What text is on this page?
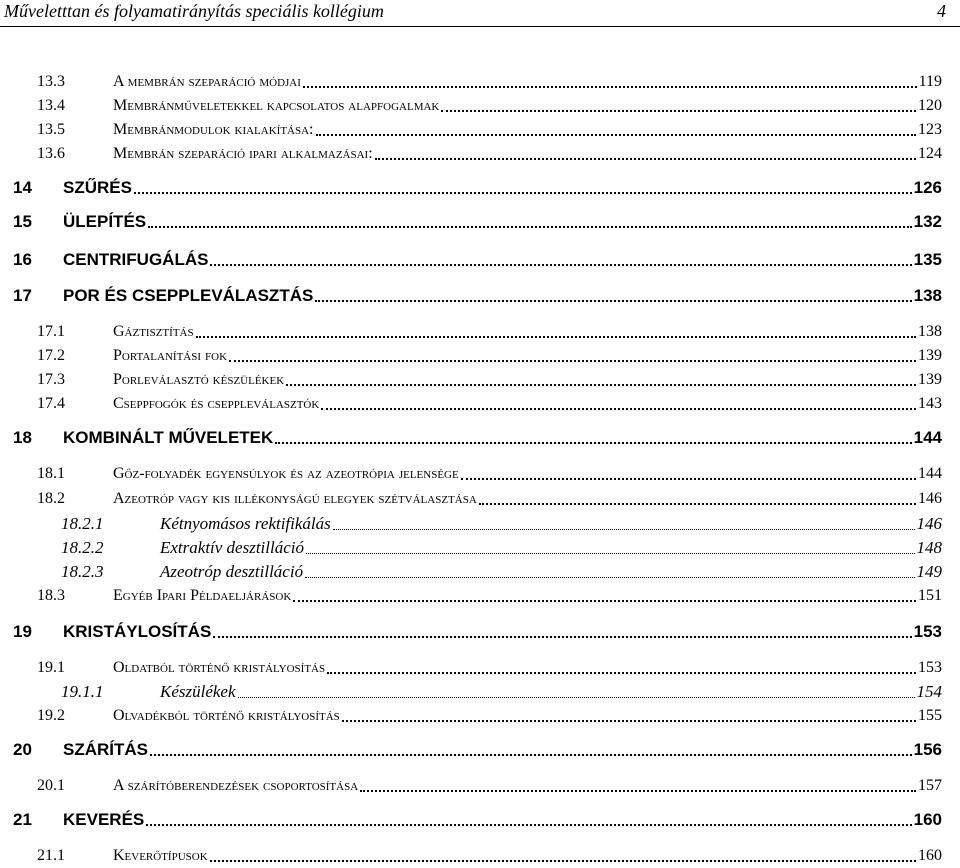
Műveletttan és folyamatirányítás speciális kollégium	4
13.3	A membrán szeparáció módjai	119
13.4	Membránműveletekkel kapcsolatos alapfogalmak	120
13.5	Membránmodulok kialakítása:	123
13.6	Membrán szeparáció ipari alkalmazásai:	124
14	SZŰRÉS	126
15	ÜLEPÍTÉS	132
16	CENTRIFUGÁLÁS	135
17	POR ÉS CSEPPLEVÁLASZTÁS	138
17.1	Gáztisztítás	138
17.2	Portalanítási fok	139
17.3	Porleválasztó készülékek	139
17.4	Cseppfogók és cseppleválasztók	143
18	KOMBINÁLT MŰVELETEK	144
18.1	Gőz-folyadék egyensúlyok és az azeotrópia jelensége	144
18.2	Azeotróp vagy kis illékonyságú elegyek szétválasztása	146
18.2.1	Kétnyomásos rektifikálás	146
18.2.2	Extraktív desztilláció	148
18.2.3	Azeotróp desztilláció	149
18.3	Egyéb Ipari Példaeljárások	151
19	KRISTÁYLOSÍTÁS	153
19.1	Oldatból történő kristályosítás	153
19.1.1	Készülékek	154
19.2	Olvadékból történő kristályosítás	155
20	SZÁRÍTÁS	156
20.1	A szárítóberendezések csoportosítása	157
21	KEVERÉS	160
21.1	Keverőtípusok	160
